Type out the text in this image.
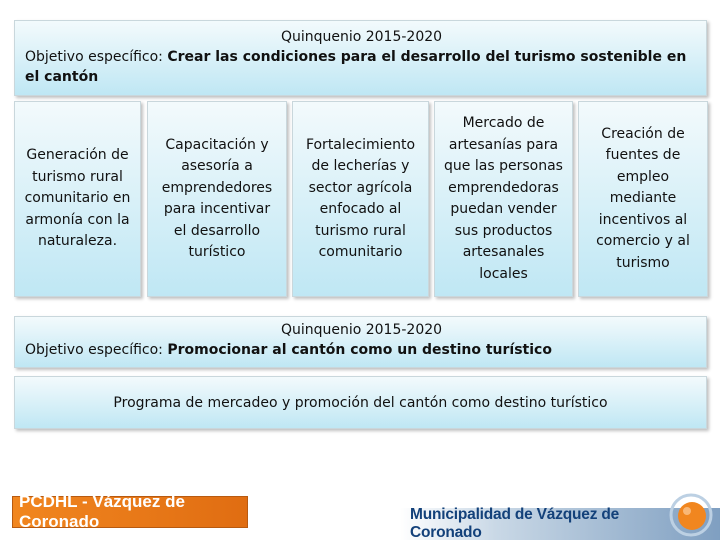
Quinquenio 2015-2020
Objetivo específico: Crear las condiciones para el desarrollo del turismo sostenible en el cantón
Generación de turismo rural comunitario en armonía con la naturaleza.
Capacitación y asesoría a emprendedores para incentivar el desarrollo turístico
Fortalecimiento de lecherías y sector agrícola enfocado al turismo rural comunitario
Mercado de artesanías para que las personas emprendedoras puedan vender sus productos artesanales locales
Creación de fuentes de empleo mediante incentivos al comercio y al turismo
Quinquenio 2015-2020
Objetivo específico: Promocionar al cantón como un destino turístico
Programa de mercadeo y promoción del cantón como destino turístico
PCDHL - Vázquez de Coronado	Municipalidad de Vázquez de Coronado
